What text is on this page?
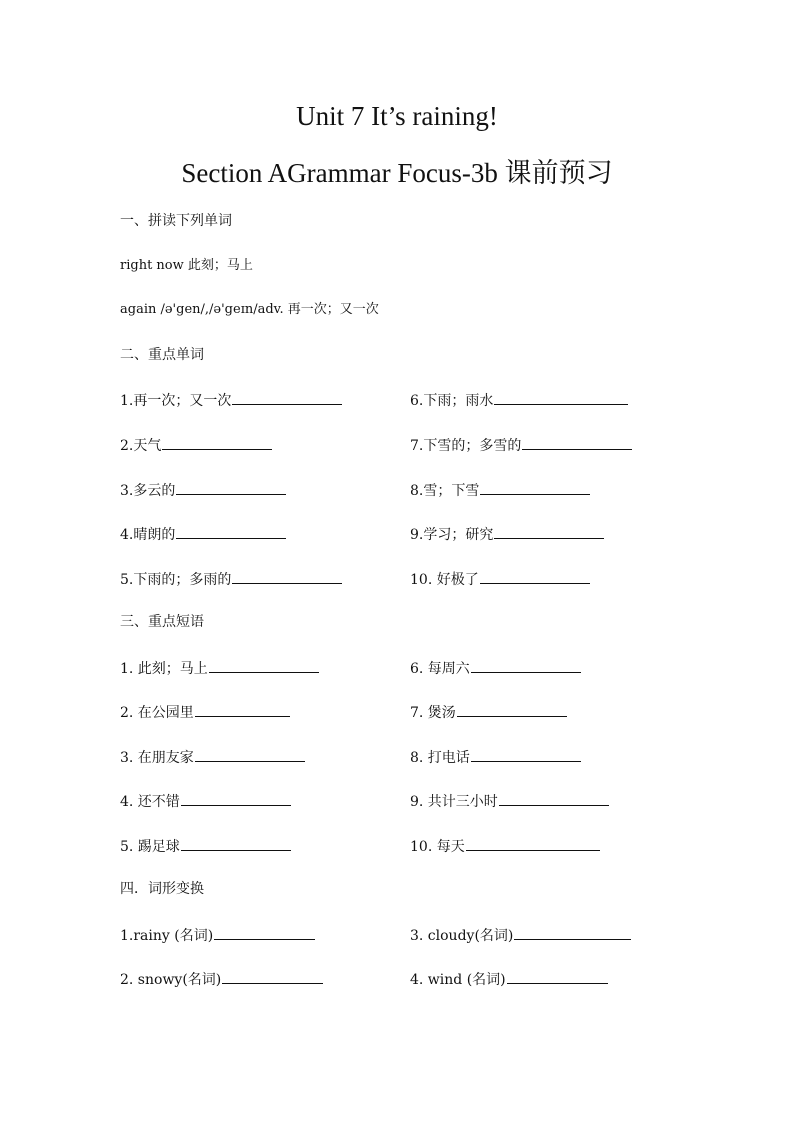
Unit 7 It’s raining!
Section AGrammar Focus-3b 课前预习
一、拼读下列单词
right now 此刻；马上
again /ə'gen/,/ə'geɪn/adv. 再一次；又一次
二、重点单词
1.再一次；又一次	6.下雨；雨水
2.天气	7.下雪的；多雪的
3.多云的	8.雪；下雪
4.晴朗的	9.学习；研究
5.下雨的；多雨的	10. 好极了
三、重点短语
1. 此刻；马上	6. 每周六
2. 在公园里	7. 煲汤
3. 在朋友家	8. 打电话
4. 还不错	9. 共计三小时
5. 踢足球	10. 每天
四．词形变换
1.rainy (名词)	3. cloudy(名词)
2. snowy(名词)	4. wind (名词)
